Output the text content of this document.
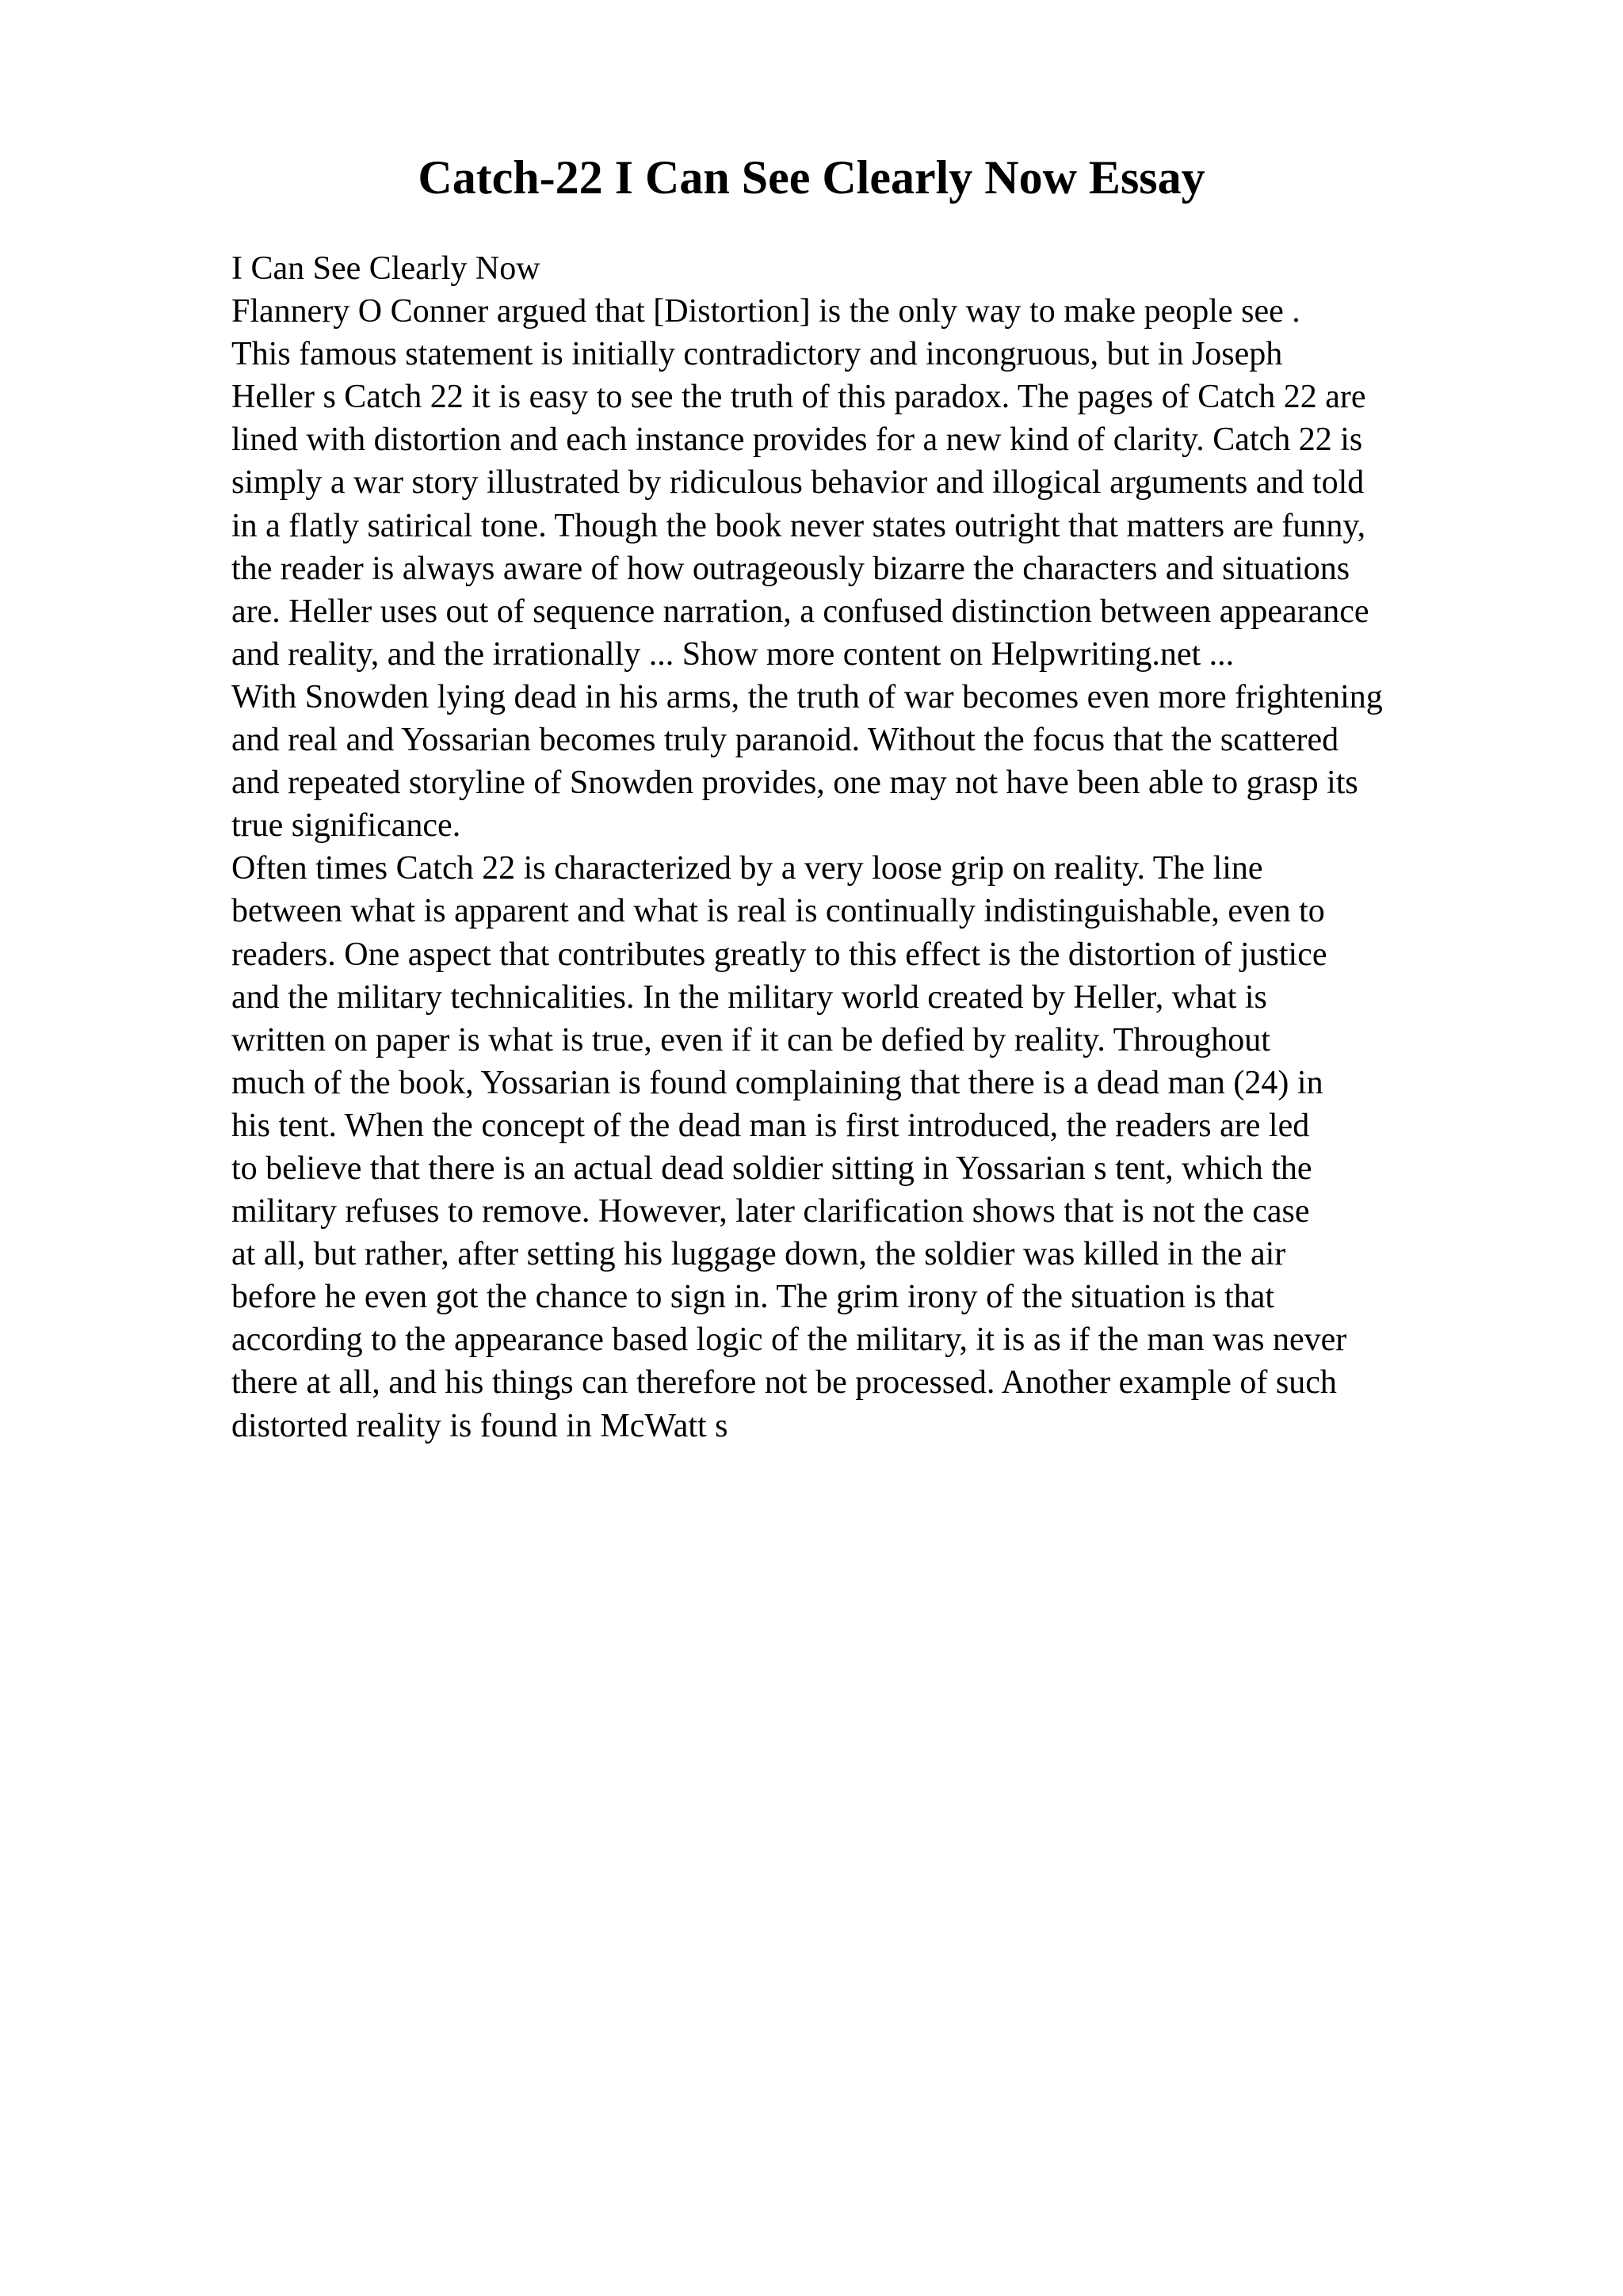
Catch-22 I Can See Clearly Now Essay
I Can See Clearly Now
Flannery O Conner argued that [Distortion] is the only way to make people see .
This famous statement is initially contradictory and incongruous, but in Joseph
Heller s Catch 22 it is easy to see the truth of this paradox. The pages of Catch 22 are
lined with distortion and each instance provides for a new kind of clarity. Catch 22 is
simply a war story illustrated by ridiculous behavior and illogical arguments and told
in a flatly satirical tone. Though the book never states outright that matters are funny,
the reader is always aware of how outrageously bizarre the characters and situations
are. Heller uses out of sequence narration, a confused distinction between appearance
and reality, and the irrationally ... Show more content on Helpwriting.net ...
With Snowden lying dead in his arms, the truth of war becomes even more frightening
and real and Yossarian becomes truly paranoid. Without the focus that the scattered
and repeated storyline of Snowden provides, one may not have been able to grasp its
true significance.
Often times Catch 22 is characterized by a very loose grip on reality. The line
between what is apparent and what is real is continually indistinguishable, even to
readers. One aspect that contributes greatly to this effect is the distortion of justice
and the military technicalities. In the military world created by Heller, what is
written on paper is what is true, even if it can be defied by reality. Throughout
much of the book, Yossarian is found complaining that there is a dead man (24) in
his tent. When the concept of the dead man is first introduced, the readers are led
to believe that there is an actual dead soldier sitting in Yossarian s tent, which the
military refuses to remove. However, later clarification shows that is not the case
at all, but rather, after setting his luggage down, the soldier was killed in the air
before he even got the chance to sign in. The grim irony of the situation is that
according to the appearance based logic of the military, it is as if the man was never
there at all, and his things can therefore not be processed. Another example of such
distorted reality is found in McWatt s
